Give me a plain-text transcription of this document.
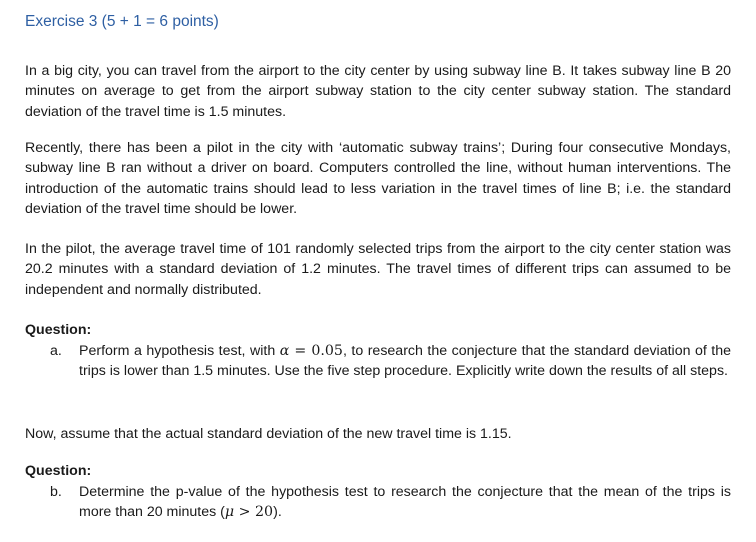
Exercise 3 (5 + 1 = 6 points)

In a big city, you can travel from the airport to the city center by using subway line B. It takes subway line B 20 minutes on average to get from the airport subway station to the city center subway station. The standard deviation of the travel time is 1.5 minutes.

Recently, there has been a pilot in the city with ‘automatic subway trains’; During four consecutive Mondays, subway line B ran without a driver on board. Computers controlled the line, without human interventions. The introduction of the automatic trains should lead to less variation in the travel times of line B; i.e. the standard deviation of the travel time should be lower.

In the pilot, the average travel time of 101 randomly selected trips from the airport to the city center station was 20.2 minutes with a standard deviation of 1.2 minutes. The travel times of different trips can assumed to be independent and normally distributed.

Question:
a. Perform a hypothesis test, with α = 0.05, to research the conjecture that the standard deviation of the trips is lower than 1.5 minutes. Use the five step procedure. Explicitly write down the results of all steps.

Now, assume that the actual standard deviation of the new travel time is 1.15.

Question:
b. Determine the p-value of the hypothesis test to research the conjecture that the mean of the trips is more than 20 minutes (μ > 20).
